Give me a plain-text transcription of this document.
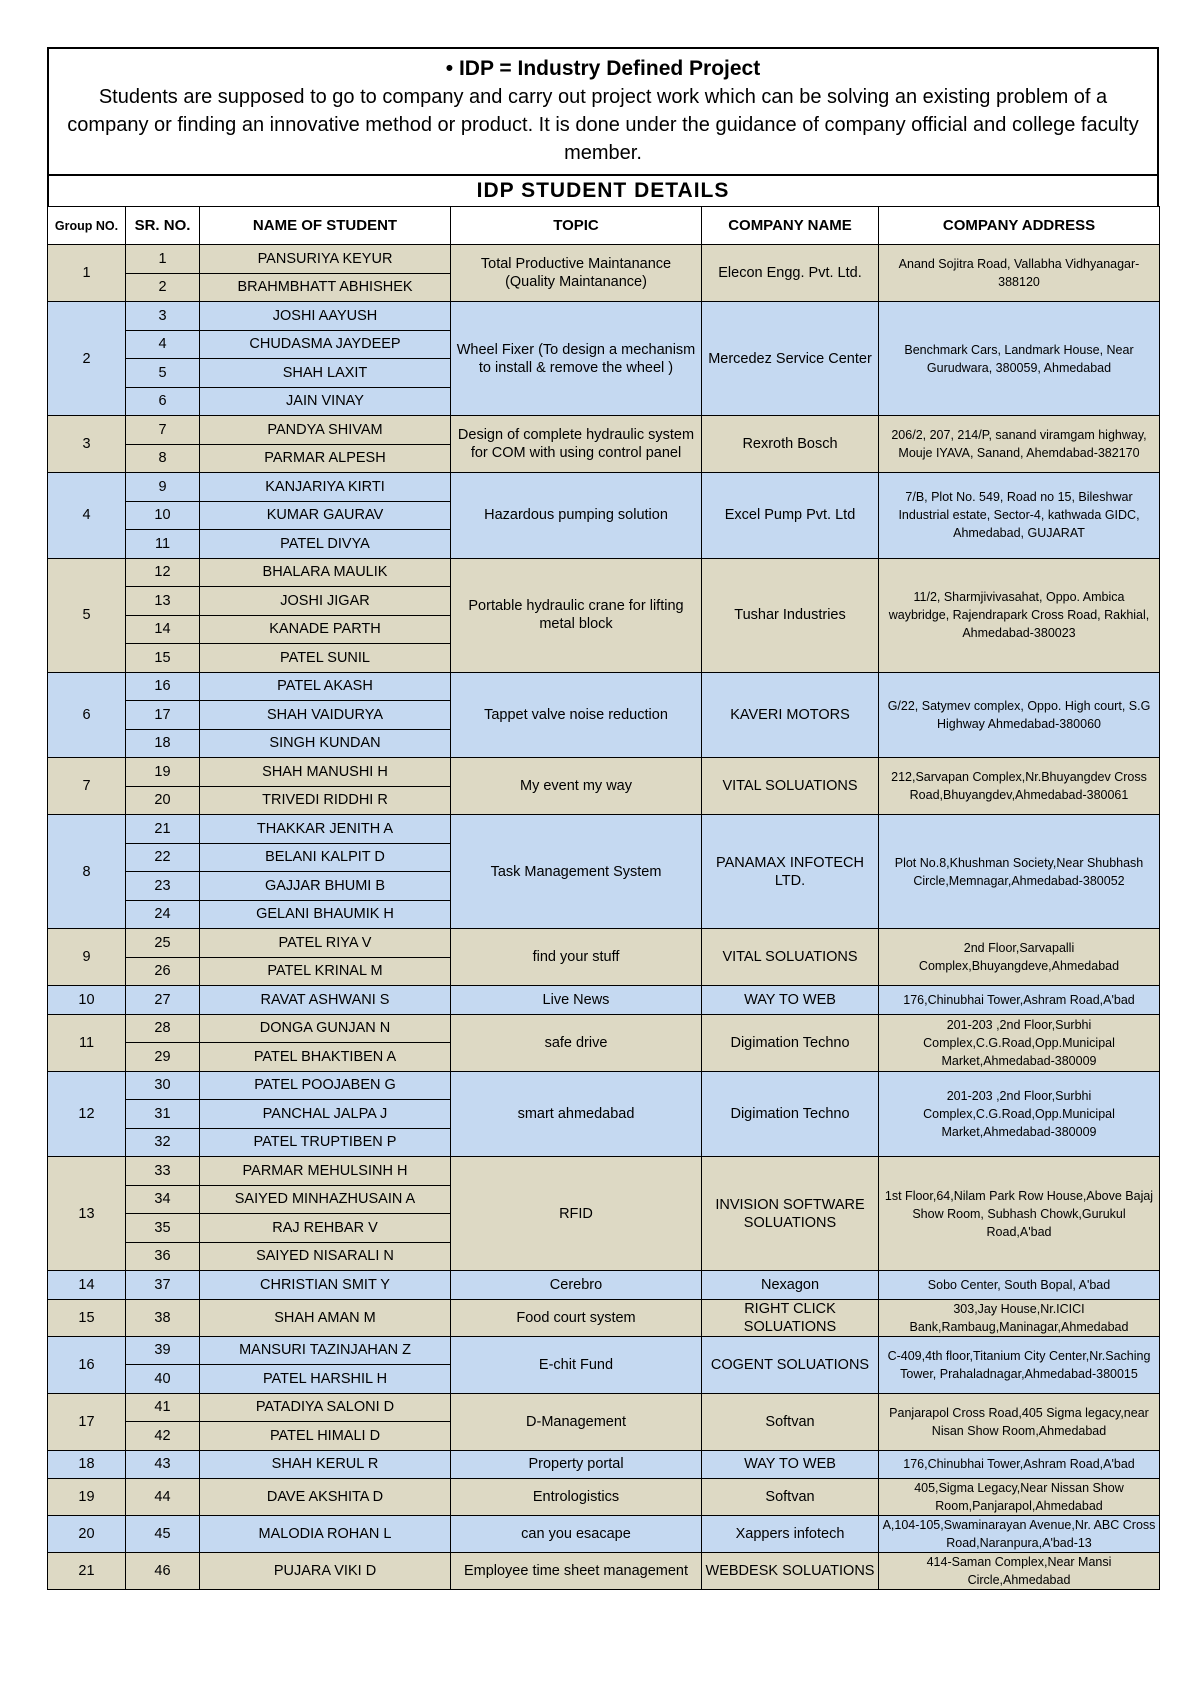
• IDP = Industry Defined Project
Students are supposed to go to company and carry out project work which can be solving an existing problem of a company or finding an innovative method or product. It is done under the guidance of company official and college faculty member.
IDP STUDENT DETAILS
Group NO.	SR. NO.	NAME OF STUDENT	TOPIC	COMPANY NAME	COMPANY ADDRESS
1	1	PANSURIYA KEYUR	Total Productive Maintanance (Quality Maintanance)	Elecon Engg. Pvt. Ltd.	Anand Sojitra Road, Vallabha Vidhyanagar-388120
	2	BRAHMBHATT ABHISHEK			
2	3	JOSHI AAYUSH	Wheel Fixer (To design a mechanism to install & remove the wheel )	Mercedez Service Center	Benchmark Cars, Landmark House, Near Gurudwara, 380059, Ahmedabad
	4	CHUDASMA JAYDEEP			
	5	SHAH LAXIT			
	6	JAIN VINAY			
3	7	PANDYA SHIVAM	Design of complete hydraulic system for COM with using control panel	Rexroth Bosch	206/2, 207, 214/P, sanand viramgam highway, Mouje IYAVA, Sanand, Ahemdabad-382170
	8	PARMAR ALPESH			
4	9	KANJARIYA KIRTI	Hazardous pumping solution	Excel Pump Pvt. Ltd	7/B, Plot No. 549, Road no 15, Bileshwar Industrial estate, Sector-4, kathwada GIDC, Ahmedabad, GUJARAT
	10	KUMAR GAURAV			
	11	PATEL DIVYA			
5	12	BHALARA MAULIK	Portable hydraulic crane for lifting metal block	Tushar Industries	11/2, Sharmjivivasahat, Oppo. Ambica waybridge, Rajendrapark Cross Road, Rakhial, Ahmedabad-380023
	13	JOSHI JIGAR			
	14	KANADE PARTH			
	15	PATEL SUNIL			
6	16	PATEL AKASH	Tappet valve noise reduction	KAVERI MOTORS	G/22, Satymev complex, Oppo. High court, S.G Highway Ahmedabad-380060
	17	SHAH VAIDURYA			
	18	SINGH KUNDAN			
7	19	SHAH MANUSHI H	My event my way	VITAL SOLUATIONS	212,Sarvapan Complex,Nr.Bhuyangdev Cross Road,Bhuyangdev,Ahmedabad-380061
	20	TRIVEDI RIDDHI R			
8	21	THAKKAR JENITH A	Task Management System	PANAMAX INFOTECH LTD.	Plot No.8,Khushman Society,Near Shubhash Circle,Memnagar,Ahmedabad-380052
	22	BELANI KALPIT D			
	23	GAJJAR BHUMI B			
	24	GELANI BHAUMIK H			
9	25	PATEL RIYA V	find your stuff	VITAL SOLUATIONS	2nd Floor,Sarvapalli Complex,Bhuyangdeve,Ahmedabad
	26	PATEL KRINAL M			
10	27	RAVAT ASHWANI S	Live News	WAY TO WEB	176,Chinubhai Tower,Ashram Road,A'bad
11	28	DONGA GUNJAN N	safe drive	Digimation Techno	201-203 ,2nd Floor,Surbhi Complex,C.G.Road,Opp.Municipal Market,Ahmedabad-380009
	29	PATEL BHAKTIBEN A			
12	30	PATEL POOJABEN G	smart ahmedabad	Digimation Techno	201-203 ,2nd Floor,Surbhi Complex,C.G.Road,Opp.Municipal Market,Ahmedabad-380009
	31	PANCHAL JALPA J			
	32	PATEL TRUPTIBEN P			
13	33	PARMAR MEHULSINH H	RFID	INVISION SOFTWARE SOLUATIONS	1st Floor,64,Nilam Park Row House,Above Bajaj Show Room, Subhash Chowk,Gurukul Road,A'bad
	34	SAIYED MINHAZHUSAIN A			
	35	RAJ REHBAR V			
	36	SAIYED NISARALI N			
14	37	CHRISTIAN SMIT Y	Cerebro	Nexagon	Sobo Center, South Bopal, A'bad
15	38	SHAH AMAN M	Food court system	RIGHT CLICK SOLUATIONS	303,Jay House,Nr.ICICI Bank,Rambaug,Maninagar,Ahmedabad
16	39	MANSURI TAZINJAHAN Z	E-chit Fund	COGENT SOLUATIONS	C-409,4th floor,Titanium City Center,Nr.Saching Tower, Prahaladnagar,Ahmedabad-380015
	40	PATEL HARSHIL H			
17	41	PATADIYA SALONI D	D-Management	Softvan	Panjarapol Cross Road,405 Sigma legacy,near Nisan Show Room,Ahmedabad
	42	PATEL HIMALI D			
18	43	SHAH KERUL R	Property portal	WAY TO WEB	176,Chinubhai Tower,Ashram Road,A'bad
19	44	DAVE AKSHITA D	Entrologistics	Softvan	405,Sigma Legacy,Near Nissan Show Room,Panjarapol,Ahmedabad
20	45	MALODIA ROHAN L	can you esacape	Xappers infotech	A,104-105,Swaminarayan Avenue,Nr. ABC Cross Road,Naranpura,A'bad-13
21	46	PUJARA VIKI D	Employee time sheet management	WEBDESK SOLUATIONS	414-Saman Complex,Near Mansi Circle,Ahmedabad
